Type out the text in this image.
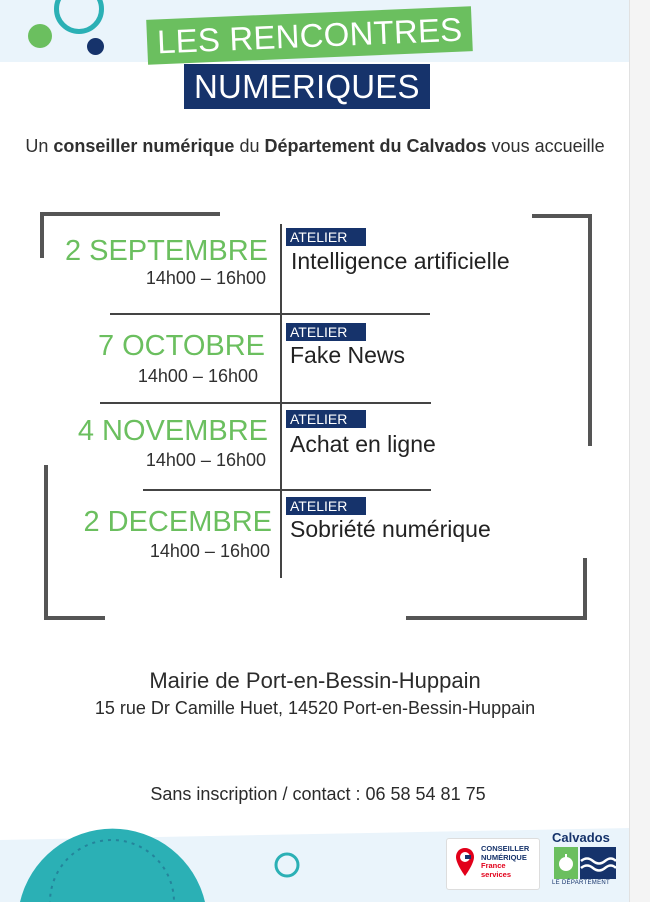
LES RENCONTRES
NUMERIQUES
Un conseiller numérique du Département du Calvados vous accueille
2 SEPTEMBRE
14h00 – 16h00
ATELIER
Intelligence artificielle
7 OCTOBRE
14h00 – 16h00
ATELIER
Fake News
4 NOVEMBRE
14h00 – 16h00
ATELIER
Achat en ligne
2 DECEMBRE
14h00 – 16h00
ATELIER
Sobriété numérique
Mairie de Port-en-Bessin-Huppain
15 rue Dr Camille Huet, 14520 Port-en-Bessin-Huppain
Sans inscription / contact : 06 58 54 81 75
CONSEILLER
NUMÉRIQUE
France
services
Calvados
LE DÉPARTEMENT
